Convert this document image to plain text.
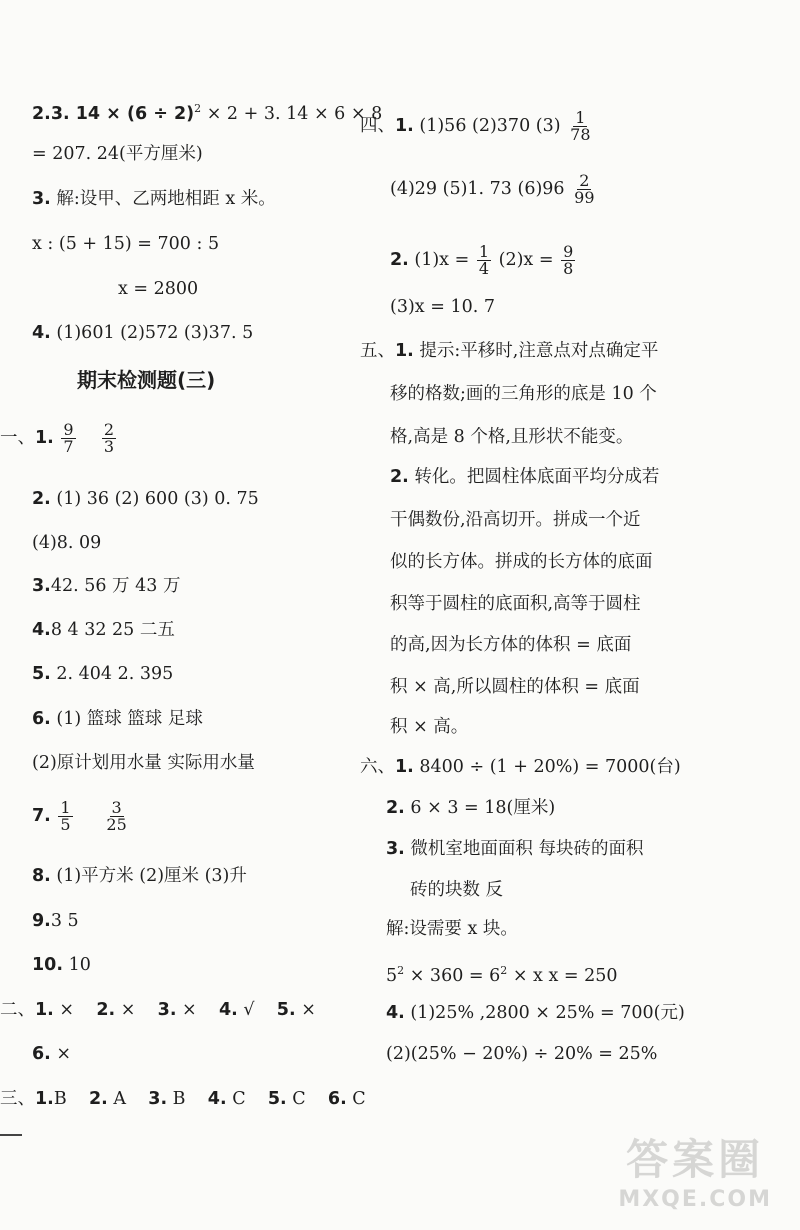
2.3. $14 \times (6 \div 2)^2 \times 2 + 3$. 14 × 6 × 8
= 207. 24(平方厘米)
3. 解:设甲、乙两地相距 x 米。
x : (5 + 15) = 700 : 5
x = 2800
4. (1)601 (2)572 (3)37. 5
期末检测题(三)
一、1. $\frac{9}{7}$
$\frac{2}{3}$
2. (1) 36 (2) 600 (3) 0. 75
(4)8. 09
3.42. 56 万 43 万
4.8 4 32 25 二五
5. 2. 404 2. 395
6. (1) 篮球 篮球 足球
(2)原计划用水量 实际用水量
7. $\frac{1}{5}$
$\frac{3}{25}$
8. (1)平方米 (2)厘米 (3)升
9.3 5
10. 10
二、1. × 2. × 3. × 4. √ 5. ×
6. ×
三、1.B 2. A 3. B 4. C 5. C 6. C
四、1. (1)56 (2)370 $(3) \frac{1}{78}$
(4)29 (5)1. 73 $(6)96 \frac{2}{99}$
2. $(1)x = \frac{1}{4} (2)x = \frac{9}{8}$
(3)x = 10. 7
五、1. 提示:平移时,注意点对点确定平
移的格数;画的三角形的底是 10 个
格,高是 8 个格,且形状不能变。
2. 转化。把圆柱体底面平均分成若
干偶数份,沿高切开。拼成一个近
似的长方体。拼成的长方体的底面
积等于圆柱的底面积,高等于圆柱
的高,因为长方体的体积 = 底面
积 × 高,所以圆柱的体积 = 底面
积 × 高。
六、1. 8400 ÷ (1 + 20%) = 7000(台)
2. 6 × 3 = 18(厘米)
3. 微机室地面面积 每块砖的面积
砖的块数 反
解:设需要 x 块。
$5^2 \times 360 = 6^2 \times x$ x = 250
4. (1)25% ,2800 × 25% = 700(元)
(2)(25% − 20%) ÷ 20% = 25%
答案圈
MXQE.COM
